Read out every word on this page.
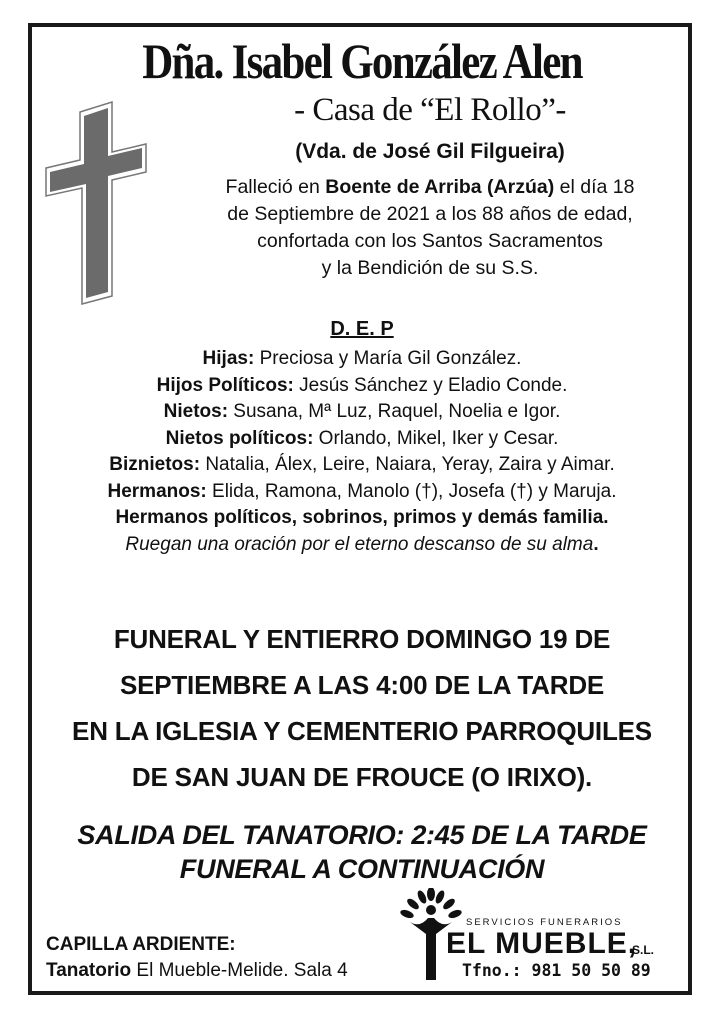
Dña. Isabel González Alen
- Casa de “El Rollo”-
(Vda. de José Gil Filgueira)
Falleció en Boente de Arriba (Arzúa) el día 18
de Septiembre de 2021 a los 88 años de edad,
confortada con los Santos Sacramentos
y la Bendición de su S.S.
D. E. P
Hijas: Preciosa y María Gil González.
Hijos Políticos: Jesús Sánchez y Eladio Conde.
Nietos: Susana, Mª Luz, Raquel, Noelia e Igor.
Nietos políticos: Orlando, Mikel, Iker y Cesar.
Biznietos: Natalia, Álex, Leire, Naiara, Yeray, Zaira y Aimar.
Hermanos: Elida, Ramona, Manolo (†), Josefa (†) y Maruja.
Hermanos políticos, sobrinos, primos y demás familia.
Ruegan una oración por el eterno descanso de su alma.
FUNERAL Y ENTIERRO DOMINGO 19 DE
SEPTIEMBRE A LAS 4:00 DE LA TARDE
EN LA IGLESIA Y CEMENTERIO PARROQUILES
DE SAN JUAN DE FROUCE (O IRIXO).
SALIDA DEL TANATORIO: 2:45 DE LA TARDE
FUNERAL A CONTINUACIÓN
CAPILLA ARDIENTE:
Tanatorio El Mueble-Melide. Sala 4
SERVICIOS FUNERARIOS
EL MUEBLE,
S.L.
Tfno.: 981 50 50 89
